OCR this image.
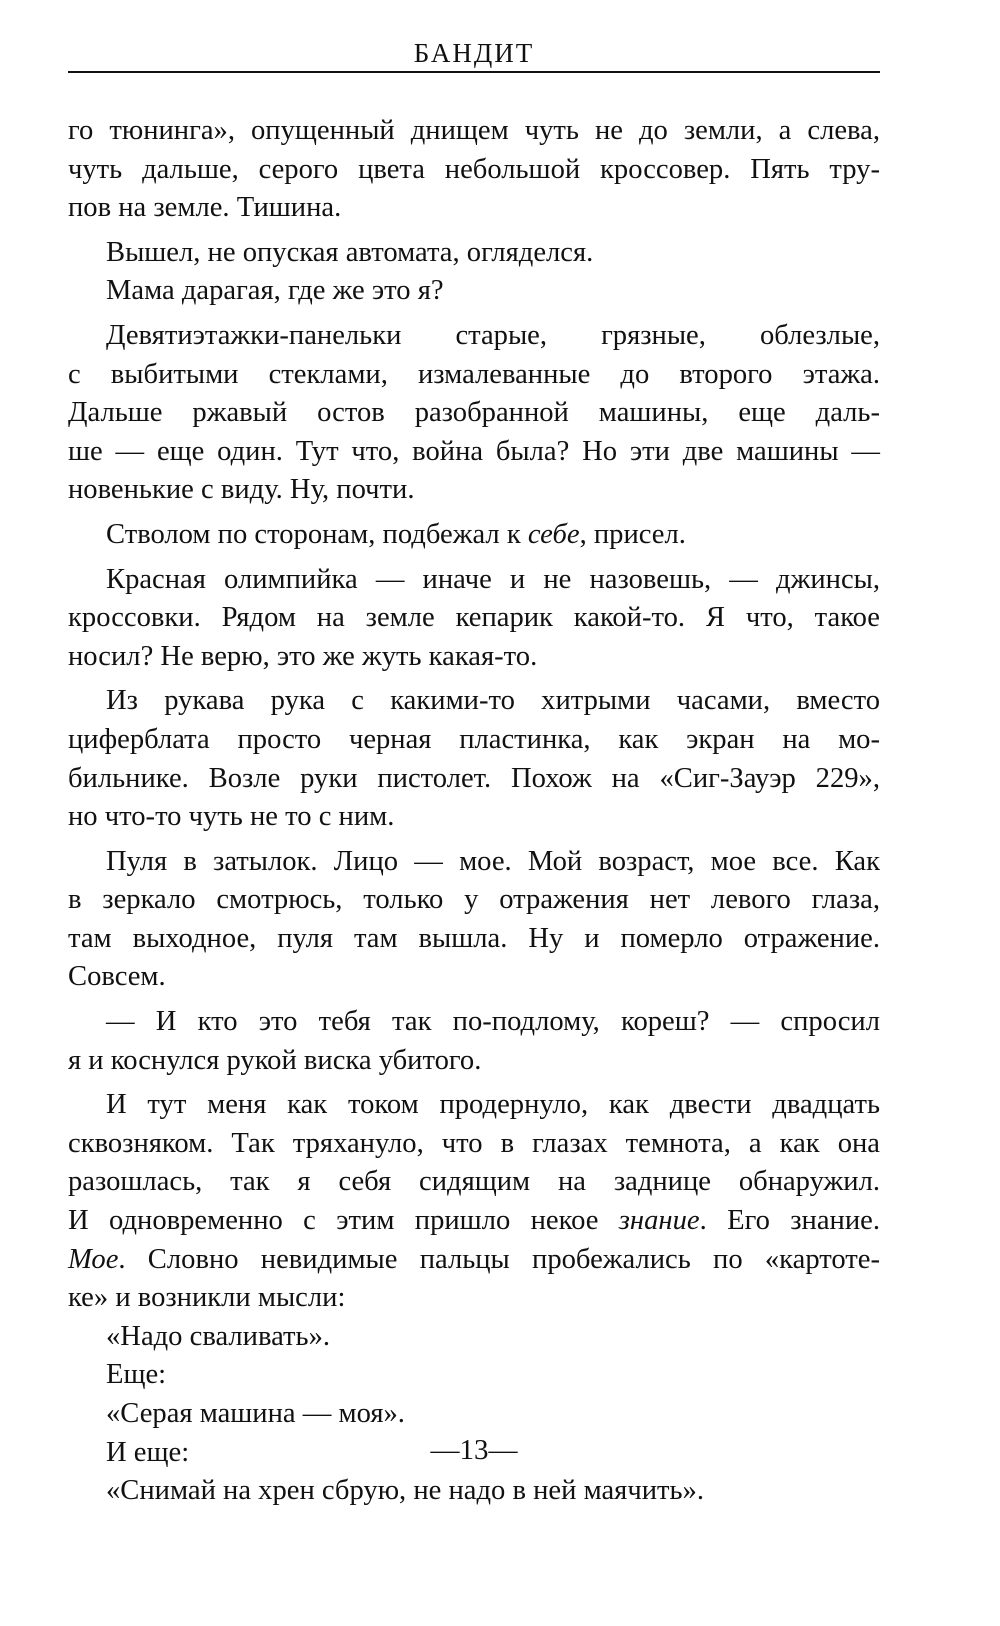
БАНДИТ
го тюнинга», опущенный днищем чуть не до земли, а слева,
чуть дальше, серого цвета небольшой кроссовер. Пять тру-
пов на земле. Тишина.
Вышел, не опуская автомата, огляделся.
Мама дарагая, где же это я?
Девятиэтажки-панельки старые, грязные, облезлые,
с выбитыми стеклами, измалеванные до второго этажа.
Дальше ржавый остов разобранной машины, еще даль-
ше — еще один. Тут что, война была? Но эти две машины —
новенькие с виду. Ну, почти.
Стволом по сторонам, подбежал к себе, присел.
Красная олимпийка — иначе и не назовешь, — джинсы,
кроссовки. Рядом на земле кепарик какой-то. Я что, такое
носил? Не верю, это же жуть какая-то.
Из рукава рука с какими-то хитрыми часами, вместо
циферблата просто черная пластинка, как экран на мо-
бильнике. Возле руки пистолет. Похож на «Сиг-Зауэр 229»,
но что-то чуть не то с ним.
Пуля в затылок. Лицо — мое. Мой возраст, мое все. Как
в зеркало смотрюсь, только у отражения нет левого глаза,
там выходное, пуля там вышла. Ну и померло отражение.
Совсем.
— И кто это тебя так по-подлому, кореш? — спросил
я и коснулся рукой виска убитого.
И тут меня как током продернуло, как двести двадцать
сквозняком. Так тряхануло, что в глазах темнота, а как она
разошлась, так я себя сидящим на заднице обнаружил.
И одновременно с этим пришло некое знание. Его знание.
Мое. Словно невидимые пальцы пробежались по «картоте-
ке» и возникли мысли:
«Надо сваливать».
Еще:
«Серая машина — моя».
И еще:
«Снимай на хрен сбрую, не надо в ней маячить».
—13—
